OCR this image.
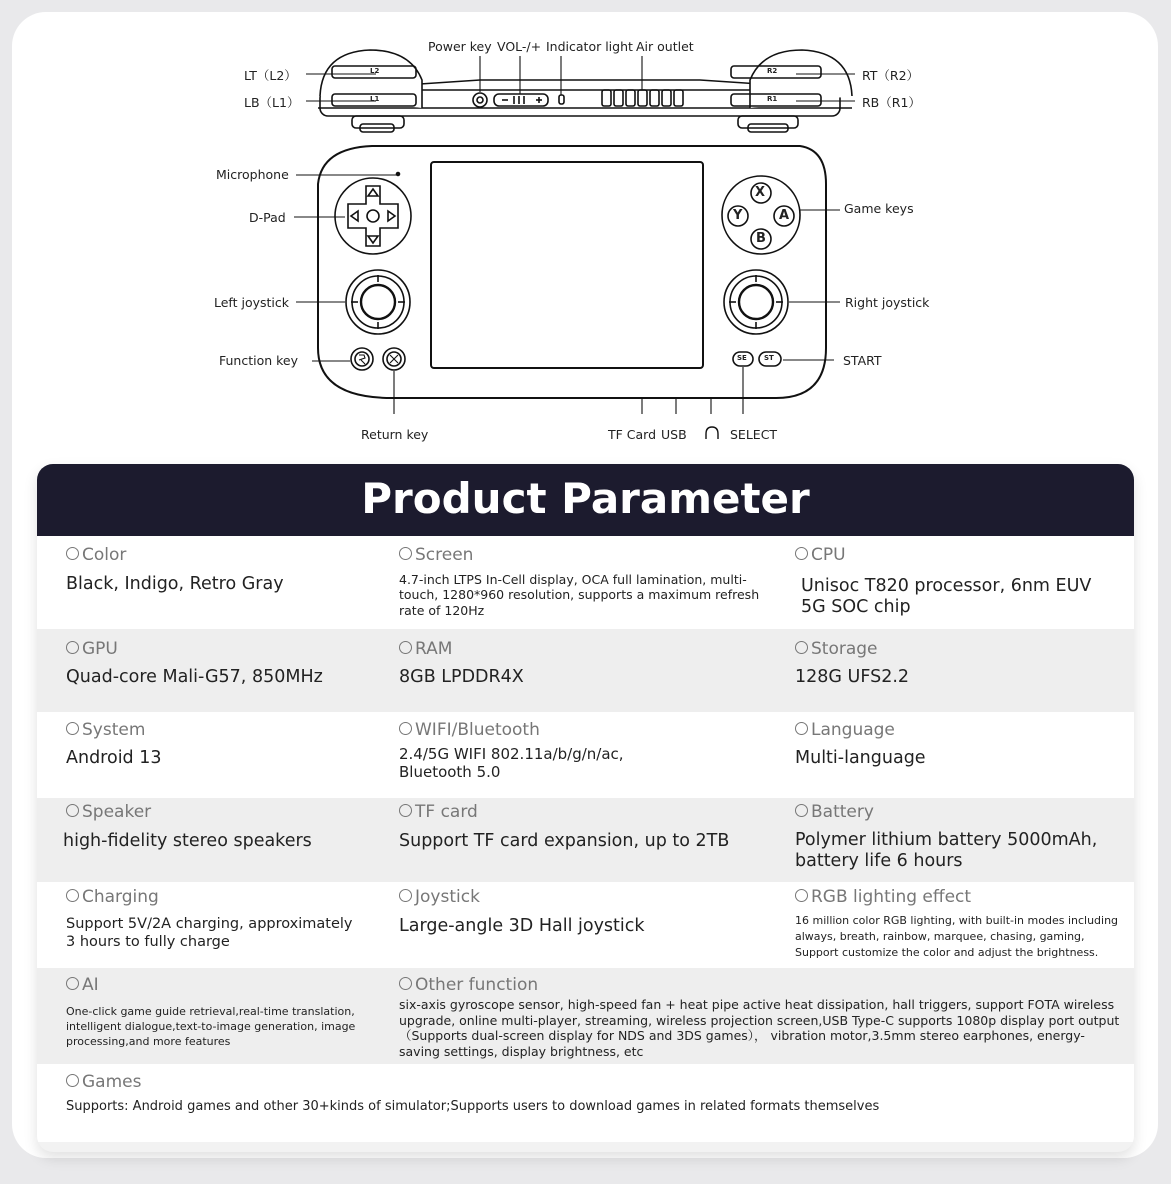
X
Y	A
B
SE ST
L2
L1
R2
R1
Power key VOL-/+ Indicator light Air outlet
LT（L2）
LB（L1）
RT（R2）
RB（R1）
Microphone
D-Pad
Left joystick
Function key
Return key
Game keys
Right joystick
START
TF Card USB	SELECT
Product Parameter
Color
Black, Indigo, Retro Gray
Screen
4.7-inch LTPS In-Cell display, OCA full lamination, multi-touch, 1280*960 resolution, supports a maximum refresh rate of 120Hz
CPU
Unisoc T820 processor, 6nm EUV 5G SOC chip
GPU
Quad-core Mali-G57, 850MHz
RAM
8GB LPDDR4X
Storage
128G UFS2.2
System
Android 13
WIFI/Bluetooth
2.4/5G WIFI 802.11a/b/g/n/ac, Bluetooth 5.0
Language
Multi-language
Speaker
high-fidelity stereo speakers
TF card
Support TF card expansion, up to 2TB
Battery
Polymer lithium battery 5000mAh, battery life 6 hours
Charging
Support 5V/2A charging, approximately 3 hours to fully charge
Joystick
Large-angle 3D Hall joystick
RGB lighting effect
16 million color RGB lighting, with built-in modes including always, breath, rainbow, marquee, chasing, gaming, Support customize the color and adjust the brightness.
AI
One-click game guide retrieval,real-time translation, intelligent dialogue,text-to-image generation, image processing,and more features
Other function
six-axis gyroscope sensor, high-speed fan + heat pipe active heat dissipation, hall triggers, support FOTA wireless upgrade, online multi-player, streaming, wireless projection screen,USB Type-C supports 1080p display port output（Supports dual-screen display for NDS and 3DS games）， vibration motor,3.5mm stereo earphones, energy-saving settings, display brightness, etc
Games
Supports: Android games and other 30+kinds of simulator;Supports users to download games in related formats themselves
